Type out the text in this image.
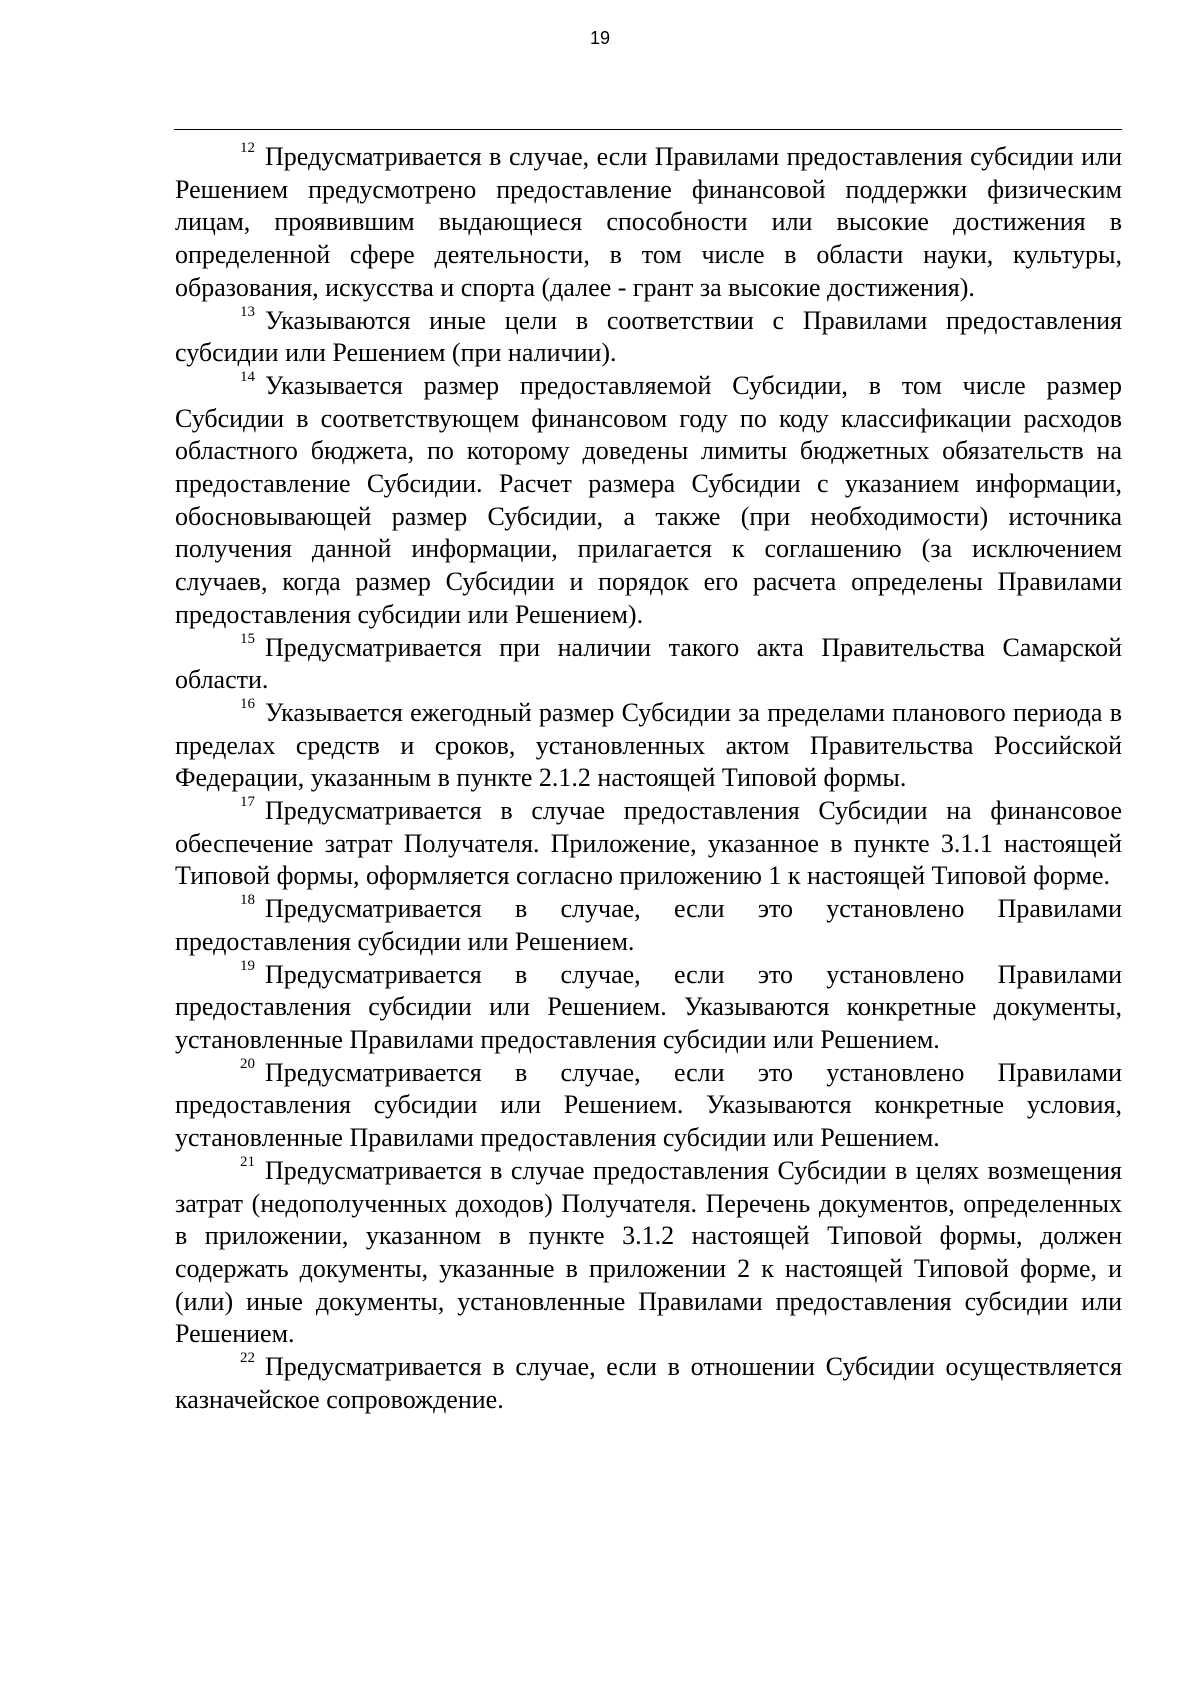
19

$^{12}$ Предусматривается в случае, если Правилами предоставления субсидии или Решением предусмотрено предоставление финансовой поддержки физическим лицам, проявившим выдающиеся способности или высокие достижения в определенной сфере деятельности, в том числе в области науки, культуры, образования, искусства и спорта (далее - грант за высокие достижения).

$^{13}$ Указываются иные цели в соответствии с Правилами предоставления субсидии или Решением (при наличии).

$^{14}$ Указывается размер предоставляемой Субсидии, в том числе размер Субсидии в соответствующем финансовом году по коду классификации расходов областного бюджета, по которому доведены лимиты бюджетных обязательств на предоставление Субсидии. Расчет размера Субсидии с указанием информации, обосновывающей размер Субсидии, а также (при необходимости) источника получения данной информации, прилагается к соглашению (за исключением случаев, когда размер Субсидии и порядок его расчета определены Правилами предоставления субсидии или Решением).

$^{15}$ Предусматривается при наличии такого акта Правительства Самарской области.

$^{16}$ Указывается ежегодный размер Субсидии за пределами планового периода в пределах средств и сроков, установленных актом Правительства Российской Федерации, указанным в пункте 2.1.2 настоящей Типовой формы.

$^{17}$ Предусматривается в случае предоставления Субсидии на финансовое обеспечение затрат Получателя. Приложение, указанное в пункте 3.1.1 настоящей Типовой формы, оформляется согласно приложению 1 к настоящей Типовой форме.

$^{18}$ Предусматривается в случае, если это установлено Правилами предоставления субсидии или Решением.

$^{19}$ Предусматривается в случае, если это установлено Правилами предоставления субсидии или Решением. Указываются конкретные документы, установленные Правилами предоставления субсидии или Решением.

$^{20}$ Предусматривается в случае, если это установлено Правилами предоставления субсидии или Решением. Указываются конкретные условия, установленные Правилами предоставления субсидии или Решением.

$^{21}$ Предусматривается в случае предоставления Субсидии в целях возмещения затрат (недополученных доходов) Получателя. Перечень документов, определенных в приложении, указанном в пункте 3.1.2 настоящей Типовой формы, должен содержать документы, указанные в приложении 2 к настоящей Типовой форме, и (или) иные документы, установленные Правилами предоставления субсидии или Решением.

$^{22}$ Предусматривается в случае, если в отношении Субсидии осуществляется казначейское сопровождение.
